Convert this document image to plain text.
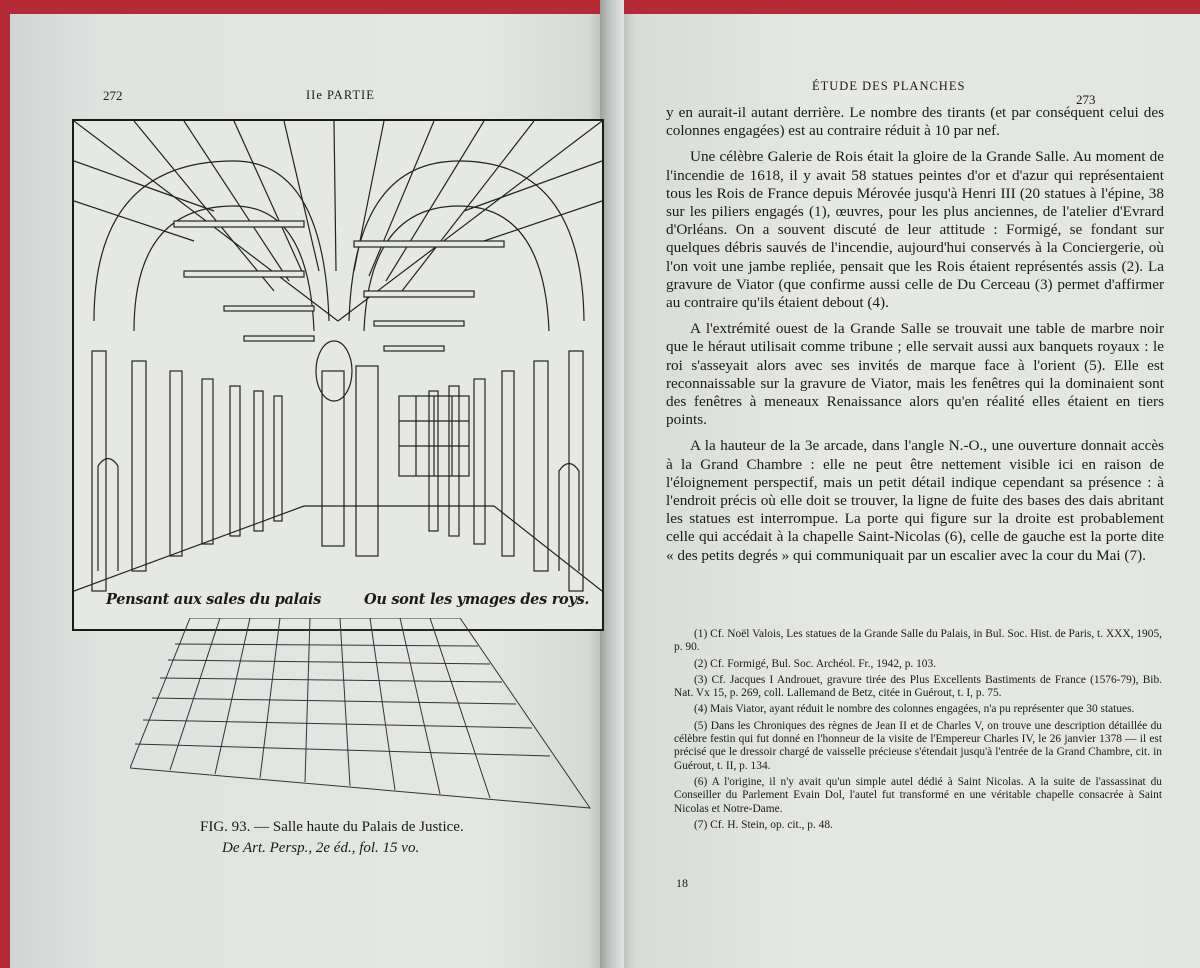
272	IIe PARTIE
Pensant aux sales du palais	Ou sont les ymages des roys.
FIG. 93. — Salle haute du Palais de Justice.
De Art. Persp., 2e éd., fol. 15 vo.
ÉTUDE DES PLANCHES
273

y en aurait-il autant derrière. Le nombre des tirants (et par conséquent celui des colonnes engagées) est au contraire réduit à 10 par nef.

Une célèbre Galerie de Rois était la gloire de la Grande Salle. Au moment de l'incendie de 1618, il y avait 58 statues peintes d'or et d'azur qui représentaient tous les Rois de France depuis Mérovée jusqu'à Henri III (20 statues à l'épine, 38 sur les piliers engagés (1), œuvres, pour les plus anciennes, de l'atelier d'Evrard d'Orléans. On a souvent discuté de leur attitude : Formigé, se fondant sur quelques débris sauvés de l'incendie, aujourd'hui conservés à la Conciergerie, où l'on voit une jambe repliée, pensait que les Rois étaient représentés assis (2). La gravure de Viator (que confirme aussi celle de Du Cerceau (3) permet d'affirmer au contraire qu'ils étaient debout (4).

A l'extrémité ouest de la Grande Salle se trouvait une table de marbre noir que le héraut utilisait comme tribune ; elle servait aussi aux banquets royaux : le roi s'asseyait alors avec ses invités de marque face à l'orient (5). Elle est reconnaissable sur la gravure de Viator, mais les fenêtres qui la dominaient sont des fenêtres à meneaux Renaissance alors qu'en réalité elles étaient en tiers points.

A la hauteur de la 3e arcade, dans l'angle N.-O., une ouverture donnait accès à la Grand Chambre : elle ne peut être nettement visible ici en raison de l'éloignement perspectif, mais un petit détail indique cependant sa présence : à l'endroit précis où elle doit se trouver, la ligne de fuite des bases des dais abritant les statues est interrompue. La porte qui figure sur la droite est probablement celle qui accédait à la chapelle Saint-Nicolas (6), celle de gauche est la porte dite « des petits degrés » qui communiquait par un escalier avec la cour du Mai (7).

(1) Cf. Noël Valois, Les statues de la Grande Salle du Palais, in Bul. Soc. Hist. de Paris, t. XXX, 1905, p. 90.

(2) Cf. Formigé, Bul. Soc. Archéol. Fr., 1942, p. 103.

(3) Cf. Jacques I Androuet, gravure tirée des Plus Excellents Bastiments de France (1576-79), Bib. Nat. Vx 15, p. 269, coll. Lallemand de Betz, citée in Guérout, t. I, p. 75.

(4) Mais Viator, ayant réduit le nombre des colonnes engagées, n'a pu représenter que 30 statues.

(5) Dans les Chroniques des règnes de Jean II et de Charles V, on trouve une description détaillée du célèbre festin qui fut donné en l'honneur de la visite de l'Empereur Charles IV, le 26 janvier 1378 — il est précisé que le dressoir chargé de vaisselle précieuse s'étendait jusqu'à l'entrée de la Grand Chambre, cit. in Guérout, t. II, p. 134.

(6) A l'origine, il n'y avait qu'un simple autel dédié à Saint Nicolas. A la suite de l'assassinat du Conseiller du Parlement Evain Dol, l'autel fut transformé en une véritable chapelle consacrée à Saint Nicolas et Notre-Dame.

(7) Cf. H. Stein, op. cit., p. 48.

18
